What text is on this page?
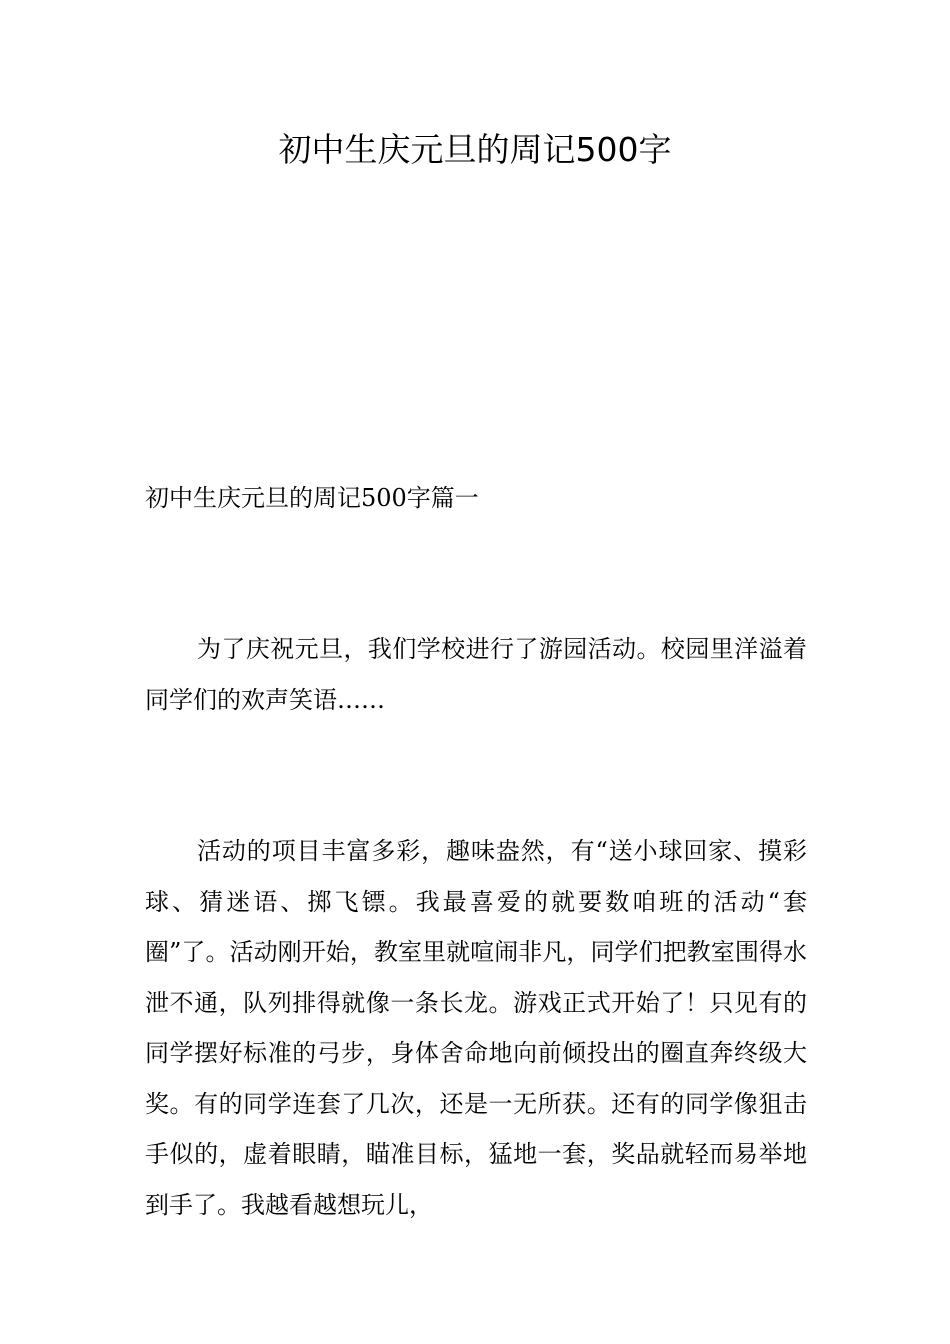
初中生庆元旦的周记500字

初中生庆元旦的周记500字篇一

为了庆祝元旦，我们学校进行了游园活动。校园里洋溢着同学们的欢声笑语……

活动的项目丰富多彩，趣味盎然，有“送小球回家、摸彩球、猜迷语、掷飞镖。我最喜爱的就要数咱班的活动“套圈”了。活动刚开始，教室里就喧闹非凡，同学们把教室围得水泄不通，队列排得就像一条长龙。游戏正式开始了！只见有的同学摆好标准的弓步，身体舍命地向前倾投出的圈直奔终级大奖。有的同学连套了几次，还是一无所获。还有的同学像狙击手似的，虚着眼睛，瞄准目标，猛地一套，奖品就轻而易举地到手了。我越看越想玩儿，
